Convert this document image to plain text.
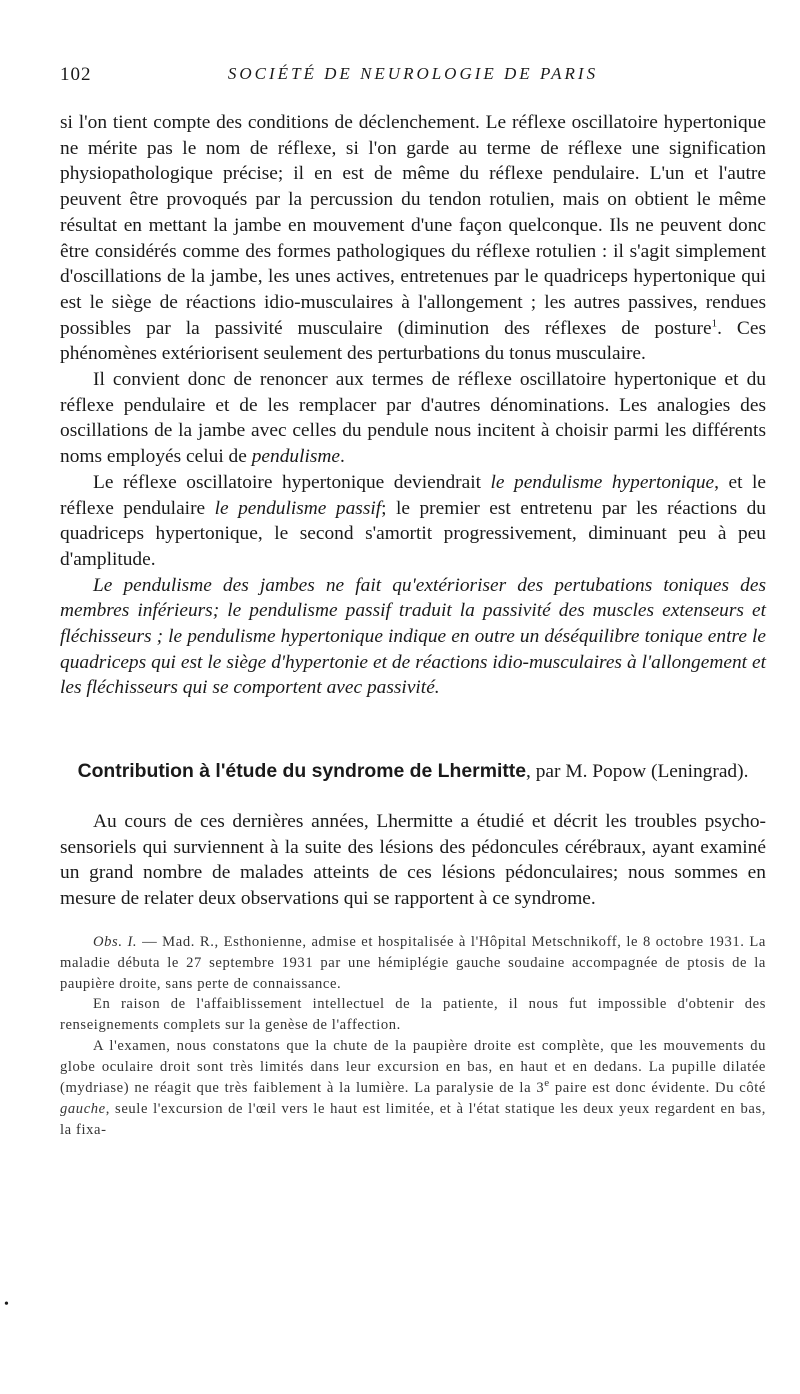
102	SOCIÉTÉ DE NEUROLOGIE DE PARIS

si l'on tient compte des conditions de déclenchement. Le réflexe oscillatoire hypertonique ne mérite pas le nom de réflexe, si l'on garde au terme de réflexe une signification physiopathologique précise; il en est de même du réflexe pendulaire. L'un et l'autre peuvent être provoqués par la percussion du tendon rotulien, mais on obtient le même résultat en mettant la jambe en mouvement d'une façon quelconque. Ils ne peuvent donc être considérés comme des formes pathologiques du réflexe rotulien : il s'agit simplement d'oscillations de la jambe, les unes actives, entretenues par le quadriceps hypertonique qui est le siège de réactions idio-musculaires à l'allongement ; les autres passives, rendues possibles par la passivité musculaire (diminution des réflexes de posture$^1$. Ces phénomènes extériorisent seulement des perturbations du tonus musculaire.

Il convient donc de renoncer aux termes de réflexe oscillatoire hypertonique et du réflexe pendulaire et de les remplacer par d'autres dénominations. Les analogies des oscillations de la jambe avec celles du pendule nous incitent à choisir parmi les différents noms employés celui de pendulisme.

Le réflexe oscillatoire hypertonique deviendrait le pendulisme hypertonique, et le réflexe pendulaire le pendulisme passif; le premier est entretenu par les réactions du quadriceps hypertonique, le second s'amortit progressivement, diminuant peu à peu d'amplitude.

Le pendulisme des jambes ne fait qu'extérioriser des pertubations toniques des membres inférieurs; le pendulisme passif traduit la passivité des muscles extenseurs et fléchisseurs ; le pendulisme hypertonique indique en outre un déséquilibre tonique entre le quadriceps qui est le siège d'hypertonie et de réactions idio-musculaires à l'allongement et les fléchisseurs qui se comportent avec passivité.

Contribution à l'étude du syndrome de Lhermitte, par M. Popow (Leningrad).

Au cours de ces dernières années, Lhermitte a étudié et décrit les troubles psycho-sensoriels qui surviennent à la suite des lésions des pédoncules cérébraux, ayant examiné un grand nombre de malades atteints de ces lésions pédonculaires; nous sommes en mesure de relater deux observations qui se rapportent à ce syndrome.

Obs. I. — Mad. R., Esthonienne, admise et hospitalisée à l'Hôpital Metschnikoff, le 8 octobre 1931. La maladie débuta le 27 septembre 1931 par une hémiplégie gauche soudaine accompagnée de ptosis de la paupière droite, sans perte de connaissance.

En raison de l'affaiblissement intellectuel de la patiente, il nous fut impossible d'obtenir des renseignements complets sur la genèse de l'affection.

A l'examen, nous constatons que la chute de la paupière droite est complète, que les mouvements du globe oculaire droit sont très limités dans leur excursion en bas, en haut et en dedans. La pupille dilatée (mydriase) ne réagit que très faiblement à la lumière. La paralysie de la 3e paire est donc évidente. Du côté gauche, seule l'excursion de l'œil vers le haut est limitée, et à l'état statique les deux yeux regardent en bas, la fixa-

•
